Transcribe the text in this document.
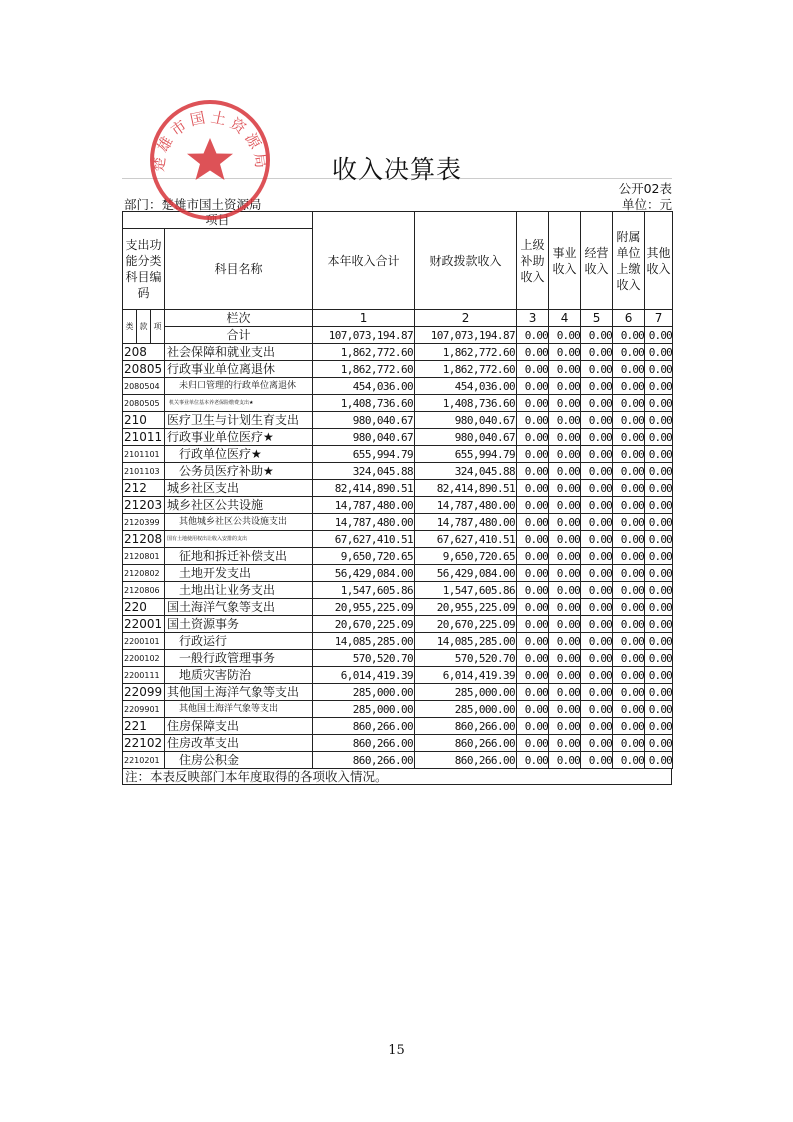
收入决算表
公开02表
部门：楚雄市国土资源局	单位：元
项目				本年收入合计	财政拨款收入	上级补助收入	事业收入	经营收入	附属单位上缴收入	其他收入
支出功能分类科目编码			科目名称							
类	款	项	栏次	1	2	3	4	5	6	7
			合计	107,073,194.87	107,073,194.87	0.00	0.00	0.00	0.00	0.00
208			社会保障和就业支出	1,862,772.60	1,862,772.60	0.00	0.00	0.00	0.00	0.00
20805			行政事业单位离退休	1,862,772.60	1,862,772.60	0.00	0.00	0.00	0.00	0.00
2080504			未归口管理的行政单位离退休	454,036.00	454,036.00	0.00	0.00	0.00	0.00	0.00
2080505			机关事业单位基本养老保险缴费支出★	1,408,736.60	1,408,736.60	0.00	0.00	0.00	0.00	0.00
210			医疗卫生与计划生育支出	980,040.67	980,040.67	0.00	0.00	0.00	0.00	0.00
21011			行政事业单位医疗★	980,040.67	980,040.67	0.00	0.00	0.00	0.00	0.00
2101101			行政单位医疗★	655,994.79	655,994.79	0.00	0.00	0.00	0.00	0.00
2101103			公务员医疗补助★	324,045.88	324,045.88	0.00	0.00	0.00	0.00	0.00
212			城乡社区支出	82,414,890.51	82,414,890.51	0.00	0.00	0.00	0.00	0.00
21203			城乡社区公共设施	14,787,480.00	14,787,480.00	0.00	0.00	0.00	0.00	0.00
2120399			其他城乡社区公共设施支出	14,787,480.00	14,787,480.00	0.00	0.00	0.00	0.00	0.00
21208			国有土地使用权出让收入安排的支出	67,627,410.51	67,627,410.51	0.00	0.00	0.00	0.00	0.00
2120801			征地和拆迁补偿支出	9,650,720.65	9,650,720.65	0.00	0.00	0.00	0.00	0.00
2120802			土地开发支出	56,429,084.00	56,429,084.00	0.00	0.00	0.00	0.00	0.00
2120806			土地出让业务支出	1,547,605.86	1,547,605.86	0.00	0.00	0.00	0.00	0.00
220			国土海洋气象等支出	20,955,225.09	20,955,225.09	0.00	0.00	0.00	0.00	0.00
22001			国土资源事务	20,670,225.09	20,670,225.09	0.00	0.00	0.00	0.00	0.00
2200101			行政运行	14,085,285.00	14,085,285.00	0.00	0.00	0.00	0.00	0.00
2200102			一般行政管理事务	570,520.70	570,520.70	0.00	0.00	0.00	0.00	0.00
2200111			地质灾害防治	6,014,419.39	6,014,419.39	0.00	0.00	0.00	0.00	0.00
22099			其他国土海洋气象等支出	285,000.00	285,000.00	0.00	0.00	0.00	0.00	0.00
2209901			其他国土海洋气象等支出	285,000.00	285,000.00	0.00	0.00	0.00	0.00	0.00
221			住房保障支出	860,266.00	860,266.00	0.00	0.00	0.00	0.00	0.00
22102			住房改革支出	860,266.00	860,266.00	0.00	0.00	0.00	0.00	0.00
2210201			住房公积金	860,266.00	860,266.00	0.00	0.00	0.00	0.00	0.00
注：本表反映部门本年度取得的各项收入情况。
楚雄市国土资源局
15
